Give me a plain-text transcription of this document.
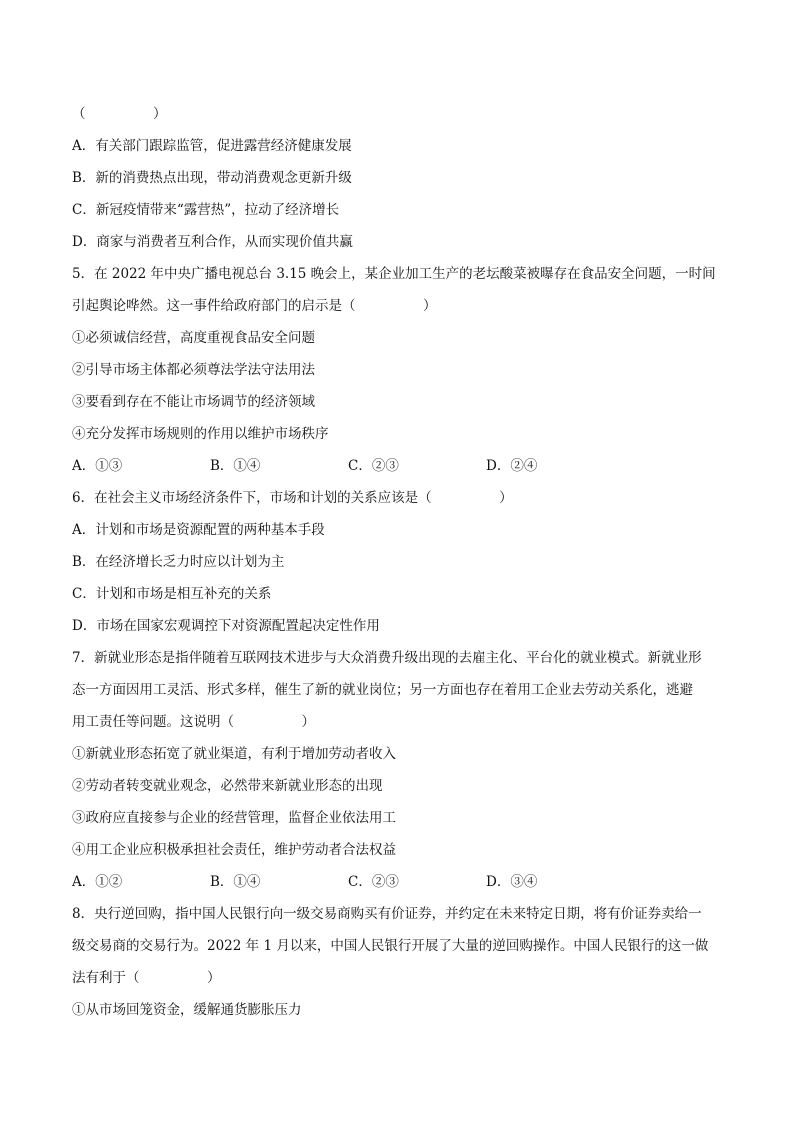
（　　　　　）
A．有关部门跟踪监管，促进露营经济健康发展
B．新的消费热点出现，带动消费观念更新升级
C．新冠疫情带来“露营热”，拉动了经济增长
D．商家与消费者互利合作，从而实现价值共赢
5．在 2022 年中央广播电视总台 3.15 晚会上，某企业加工生产的老坛酸菜被曝存在食品安全问题，一时间
引起舆论哗然。这一事件给政府部门的启示是（　　　　　）
①必须诚信经营，高度重视食品安全问题
②引导市场主体都必须尊法学法守法用法
③要看到存在不能让市场调节的经济领域
④充分发挥市场规则的作用以维护市场秩序
A．①③	B．①④	C．②③	D．②④
6．在社会主义市场经济条件下，市场和计划的关系应该是（　　　　　）
A．计划和市场是资源配置的两种基本手段
B．在经济增长乏力时应以计划为主
C．计划和市场是相互补充的关系
D．市场在国家宏观调控下对资源配置起决定性作用
7．新就业形态是指伴随着互联网技术进步与大众消费升级出现的去雇主化、平台化的就业模式。新就业形
态一方面因用工灵活、形式多样，催生了新的就业岗位；另一方面也存在着用工企业去劳动关系化，逃避
用工责任等问题。这说明（　　　　　）
①新就业形态拓宽了就业渠道，有利于增加劳动者收入
②劳动者转变就业观念，必然带来新就业形态的出现
③政府应直接参与企业的经营管理，监督企业依法用工
④用工企业应积极承担社会责任，维护劳动者合法权益
A．①②	B．①④	C．②③	D．③④
8．央行逆回购，指中国人民银行向一级交易商购买有价证券，并约定在未来特定日期，将有价证券卖给一
级交易商的交易行为。2022 年 1 月以来，中国人民银行开展了大量的逆回购操作。中国人民银行的这一做
法有利于（　　　　　）
①从市场回笼资金，缓解通货膨胀压力
